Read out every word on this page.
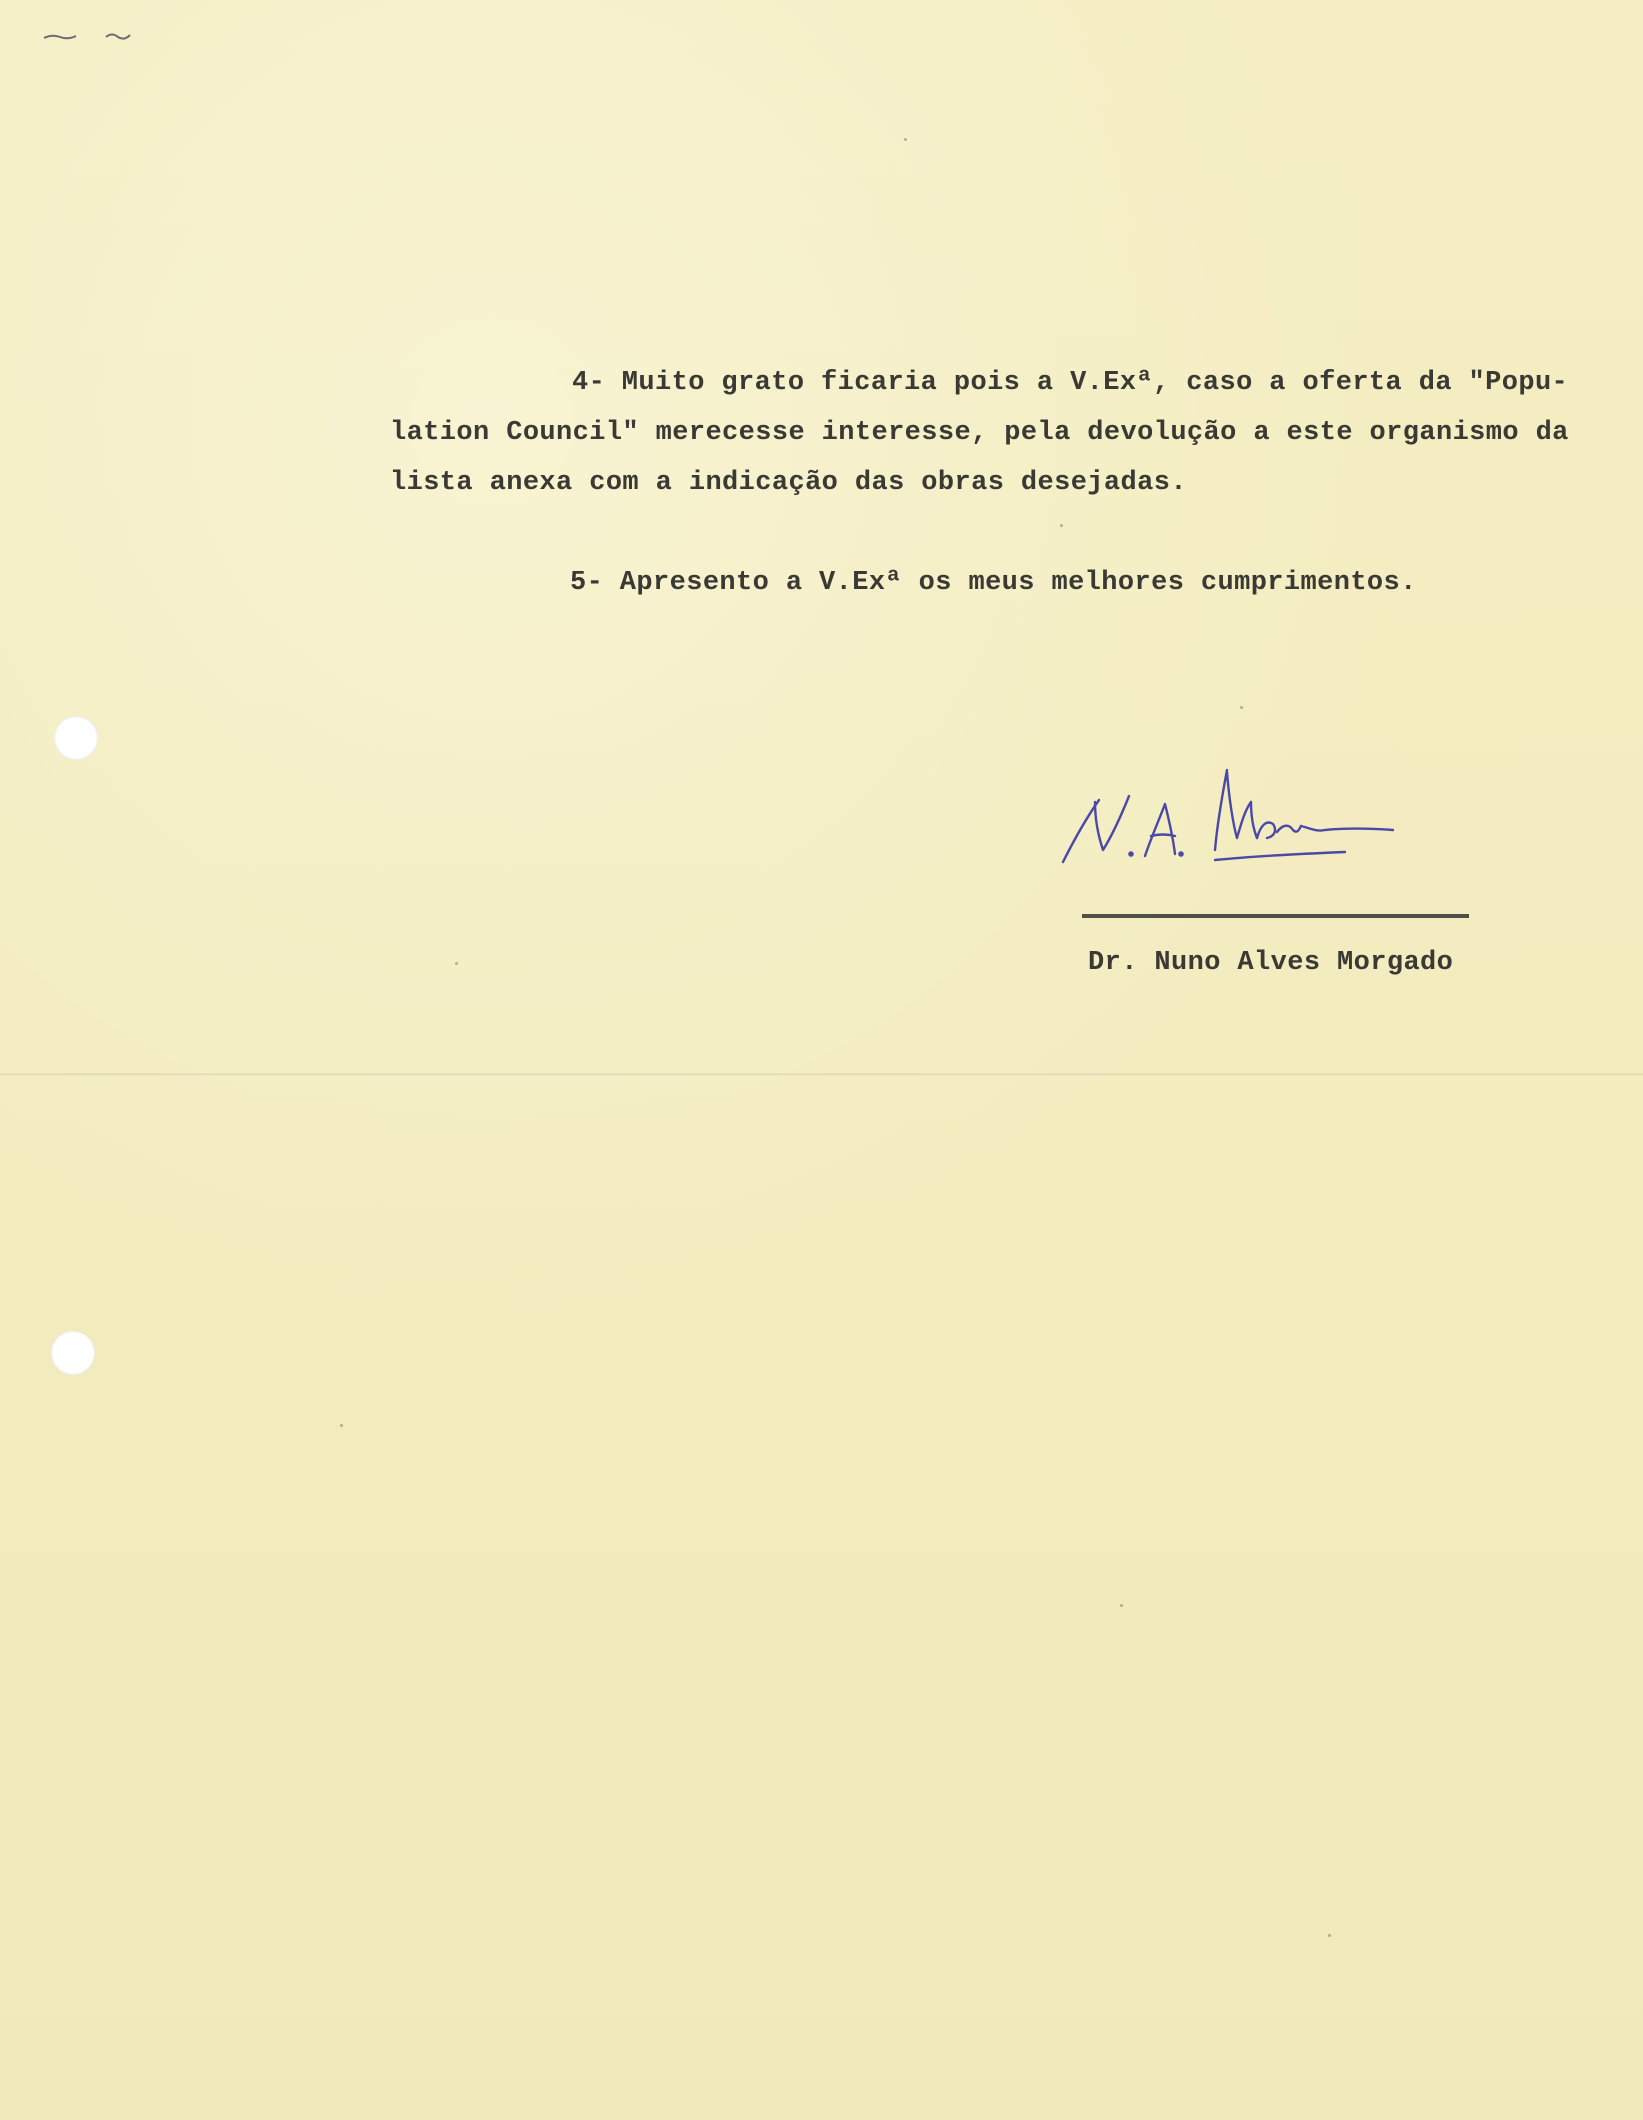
4- Muito grato ficaria pois a V.Exª, caso a oferta da "Popu-
lation Council" merecesse interesse, pela devolução a este organismo da
lista anexa com a indicação das obras desejadas.
5- Apresento a V.Exª os meus melhores cumprimentos.
Dr. Nuno Alves Morgado
